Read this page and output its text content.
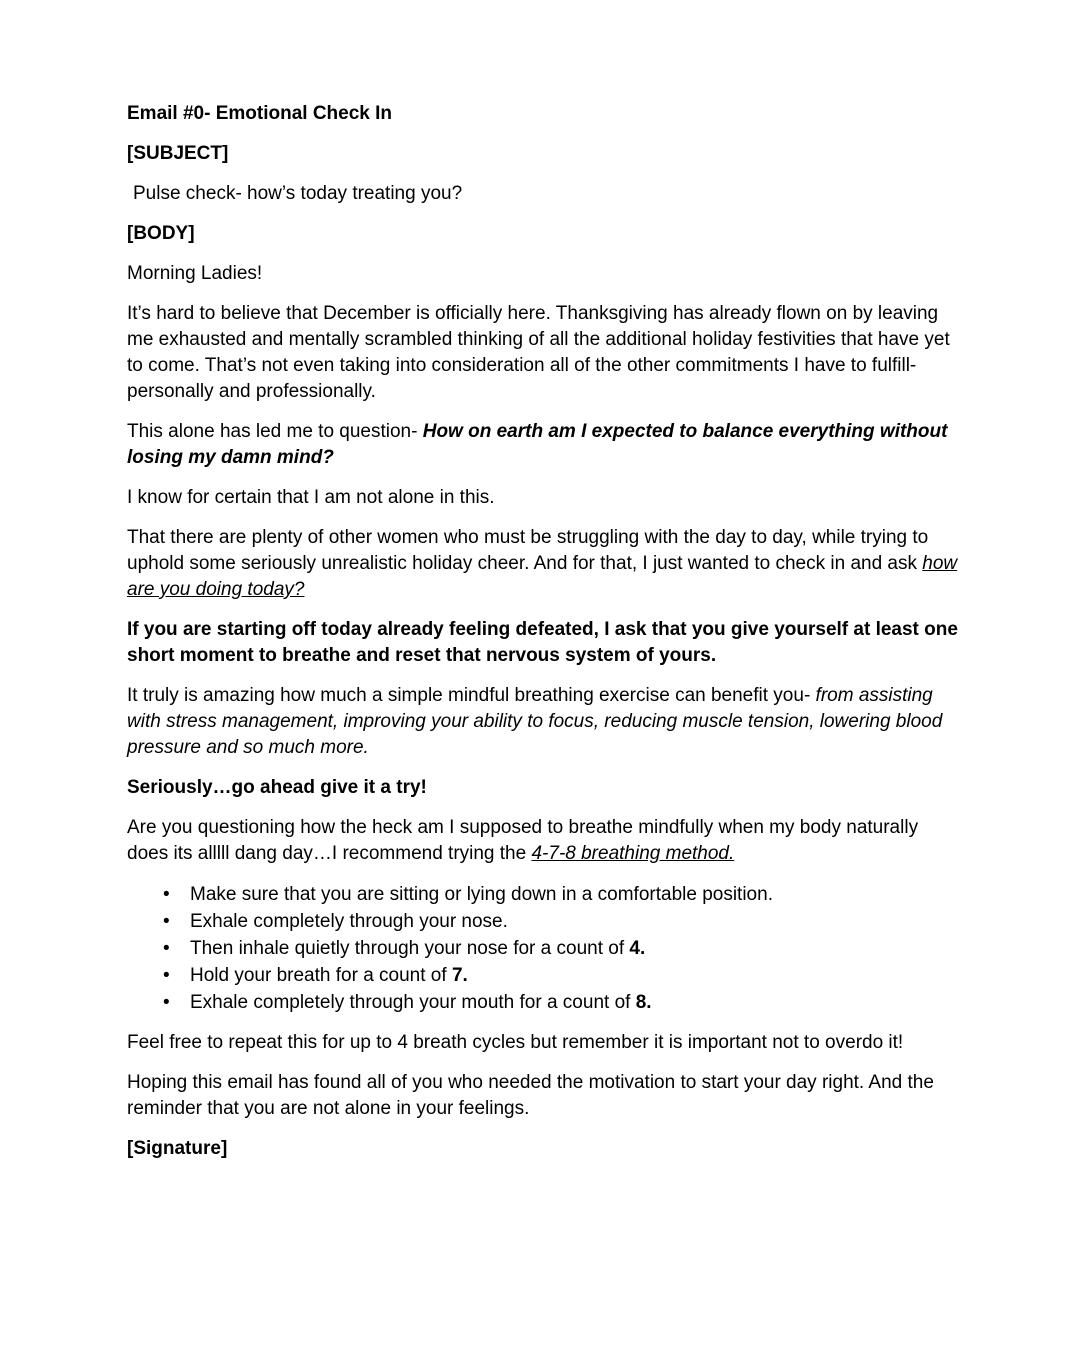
Email #0- Emotional Check In
[SUBJECT]
Pulse check- how’s today treating you?
[BODY]
Morning Ladies!
It’s hard to believe that December is officially here. Thanksgiving has already flown on by leaving me exhausted and mentally scrambled thinking of all the additional holiday festivities that have yet to come. That’s not even taking into consideration all of the other commitments I have to fulfill- personally and professionally.
This alone has led me to question- How on earth am I expected to balance everything without losing my damn mind?
I know for certain that I am not alone in this.
That there are plenty of other women who must be struggling with the day to day, while trying to uphold some seriously unrealistic holiday cheer. And for that, I just wanted to check in and ask how are you doing today?
If you are starting off today already feeling defeated, I ask that you give yourself at least one short moment to breathe and reset that nervous system of yours.
It truly is amazing how much a simple mindful breathing exercise can benefit you- from assisting with stress management, improving your ability to focus, reducing muscle tension, lowering blood pressure and so much more.
Seriously…go ahead give it a try!
Are you questioning how the heck am I supposed to breathe mindfully when my body naturally does its alllll dang day…I recommend trying the 4-7-8 breathing method.
• Make sure that you are sitting or lying down in a comfortable position.
• Exhale completely through your nose.
• Then inhale quietly through your nose for a count of 4.
• Hold your breath for a count of 7.
• Exhale completely through your mouth for a count of 8.
Feel free to repeat this for up to 4 breath cycles but remember it is important not to overdo it!
Hoping this email has found all of you who needed the motivation to start your day right. And the reminder that you are not alone in your feelings.
[Signature]
